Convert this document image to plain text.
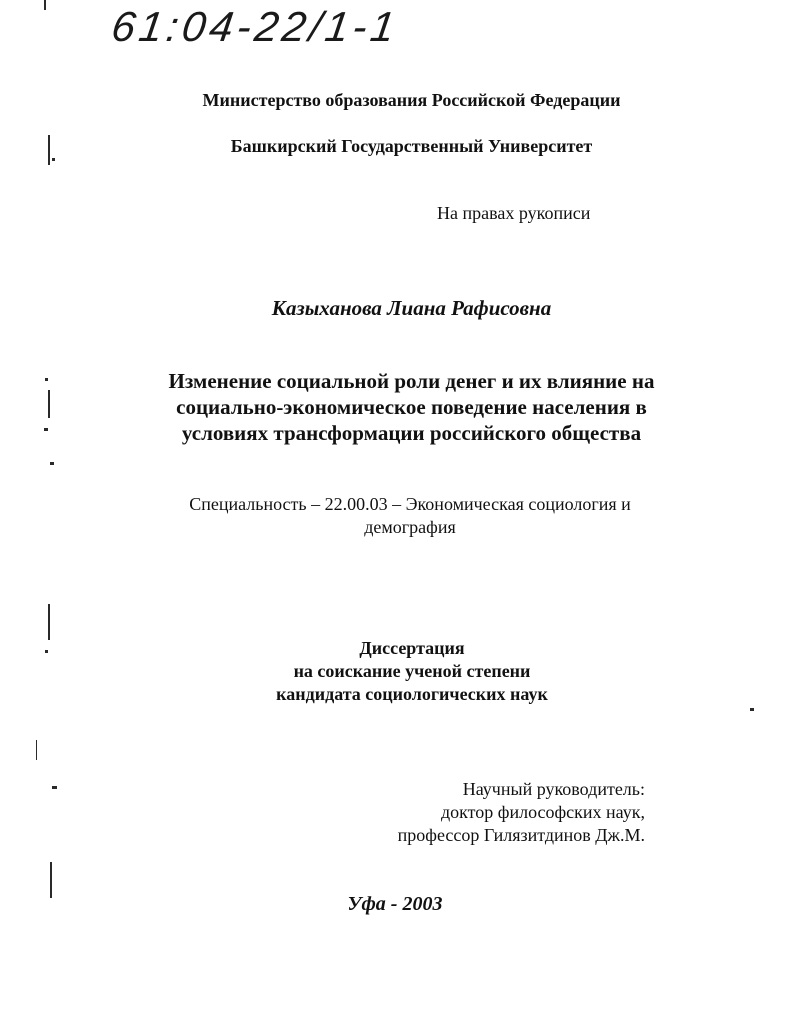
61:04-22/1-1
Министерство образования Российской Федерации
Башкирский Государственный Университет
На правах рукописи
Казыханова Лиана Рафисовна
Изменение социальной роли денег и их влияние на
социально-экономическое поведение населения в
условиях трансформации российского общества
Специальность – 22.00.03 – Экономическая социология и
демография
Диссертация
на соискание ученой степени
кандидата социологических наук
Научный руководитель:
доктор философских наук,
профессор Гилязитдинов Дж.М.
Уфа - 2003
